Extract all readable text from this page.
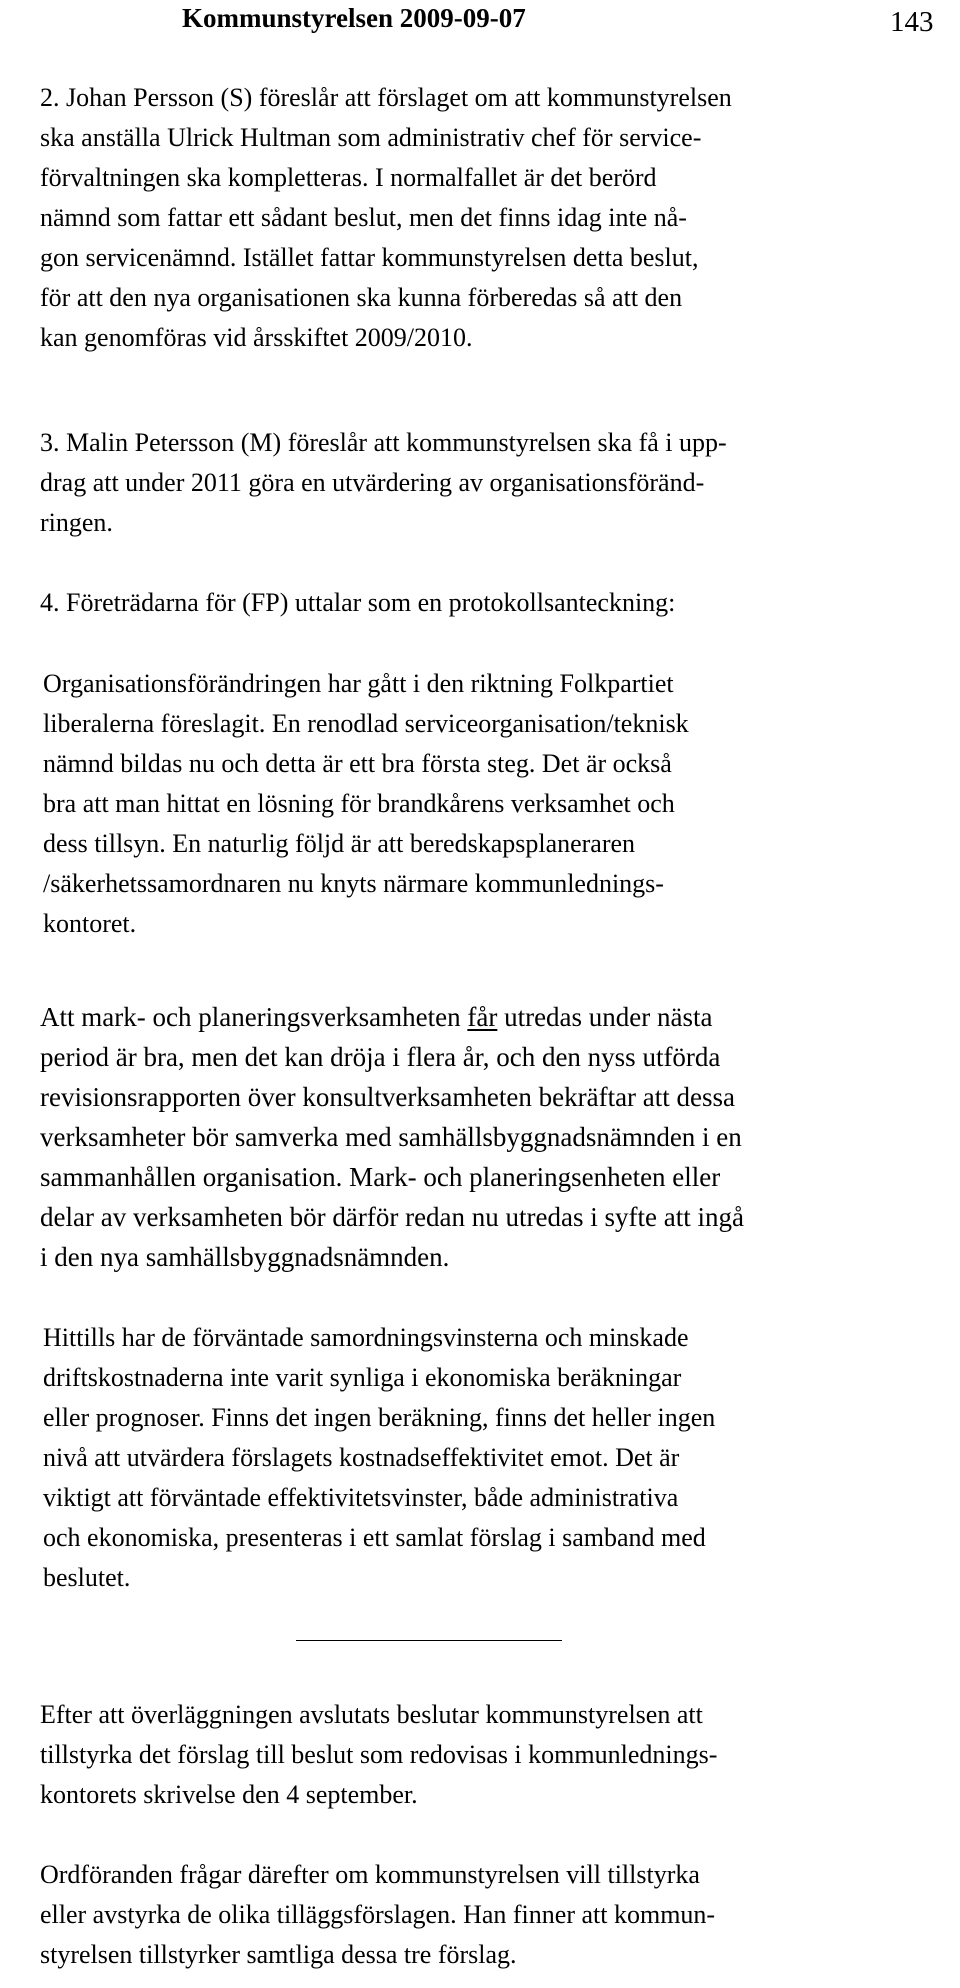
Kommunstyrelsen 2009-09-07	143
2. Johan Persson (S) föreslår att förslaget om att kommunstyrelsen
ska anställa Ulrick Hultman som administrativ chef för service-
förvaltningen ska kompletteras. I normalfallet är det berörd
nämnd som fattar ett sådant beslut, men det finns idag inte nå-
gon servicenämnd. Istället fattar kommunstyrelsen detta beslut,
för att den nya organisationen ska kunna förberedas så att den
kan genomföras vid årsskiftet 2009/2010.
3. Malin Petersson (M) föreslår att kommunstyrelsen ska få i upp-
drag att under 2011 göra en utvärdering av organisationsföränd-
ringen.
4. Företrädarna för (FP) uttalar som en protokollsanteckning:
Organisationsförändringen har gått i den riktning Folkpartiet
liberalerna föreslagit. En renodlad serviceorganisation/teknisk
nämnd bildas nu och detta är ett bra första steg. Det är också
bra att man hittat en lösning för brandkårens verksamhet och
dess tillsyn. En naturlig följd är att beredskapsplaneraren
/säkerhetssamordnaren nu knyts närmare kommunlednings-
kontoret.
Att mark- och planeringsverksamheten får utredas under nästa
period är bra, men det kan dröja i flera år, och den nyss utförda
revisionsrapporten över konsultverksamheten bekräftar att dessa
verksamheter bör samverka med samhällsbyggnadsnämnden i en
sammanhållen organisation. Mark- och planeringsenheten eller
delar av verksamheten bör därför redan nu utredas i syfte att ingå
i den nya samhällsbyggnadsnämnden.
Hittills har de förväntade samordningsvinsterna och minskade
driftskostnaderna inte varit synliga i ekonomiska beräkningar
eller prognoser. Finns det ingen beräkning, finns det heller ingen
nivå att utvärdera förslagets kostnadseffektivitet emot. Det är
viktigt att förväntade effektivitetsvinster, både administrativa
och ekonomiska, presenteras i ett samlat förslag i samband med
beslutet.
Efter att överläggningen avslutats beslutar kommunstyrelsen att
tillstyrka det förslag till beslut som redovisas i kommunlednings-
kontorets skrivelse den 4 september.
Ordföranden frågar därefter om kommunstyrelsen vill tillstyrka
eller avstyrka de olika tilläggsförslagen. Han finner att kommun-
styrelsen tillstyrker samtliga dessa tre förslag.
